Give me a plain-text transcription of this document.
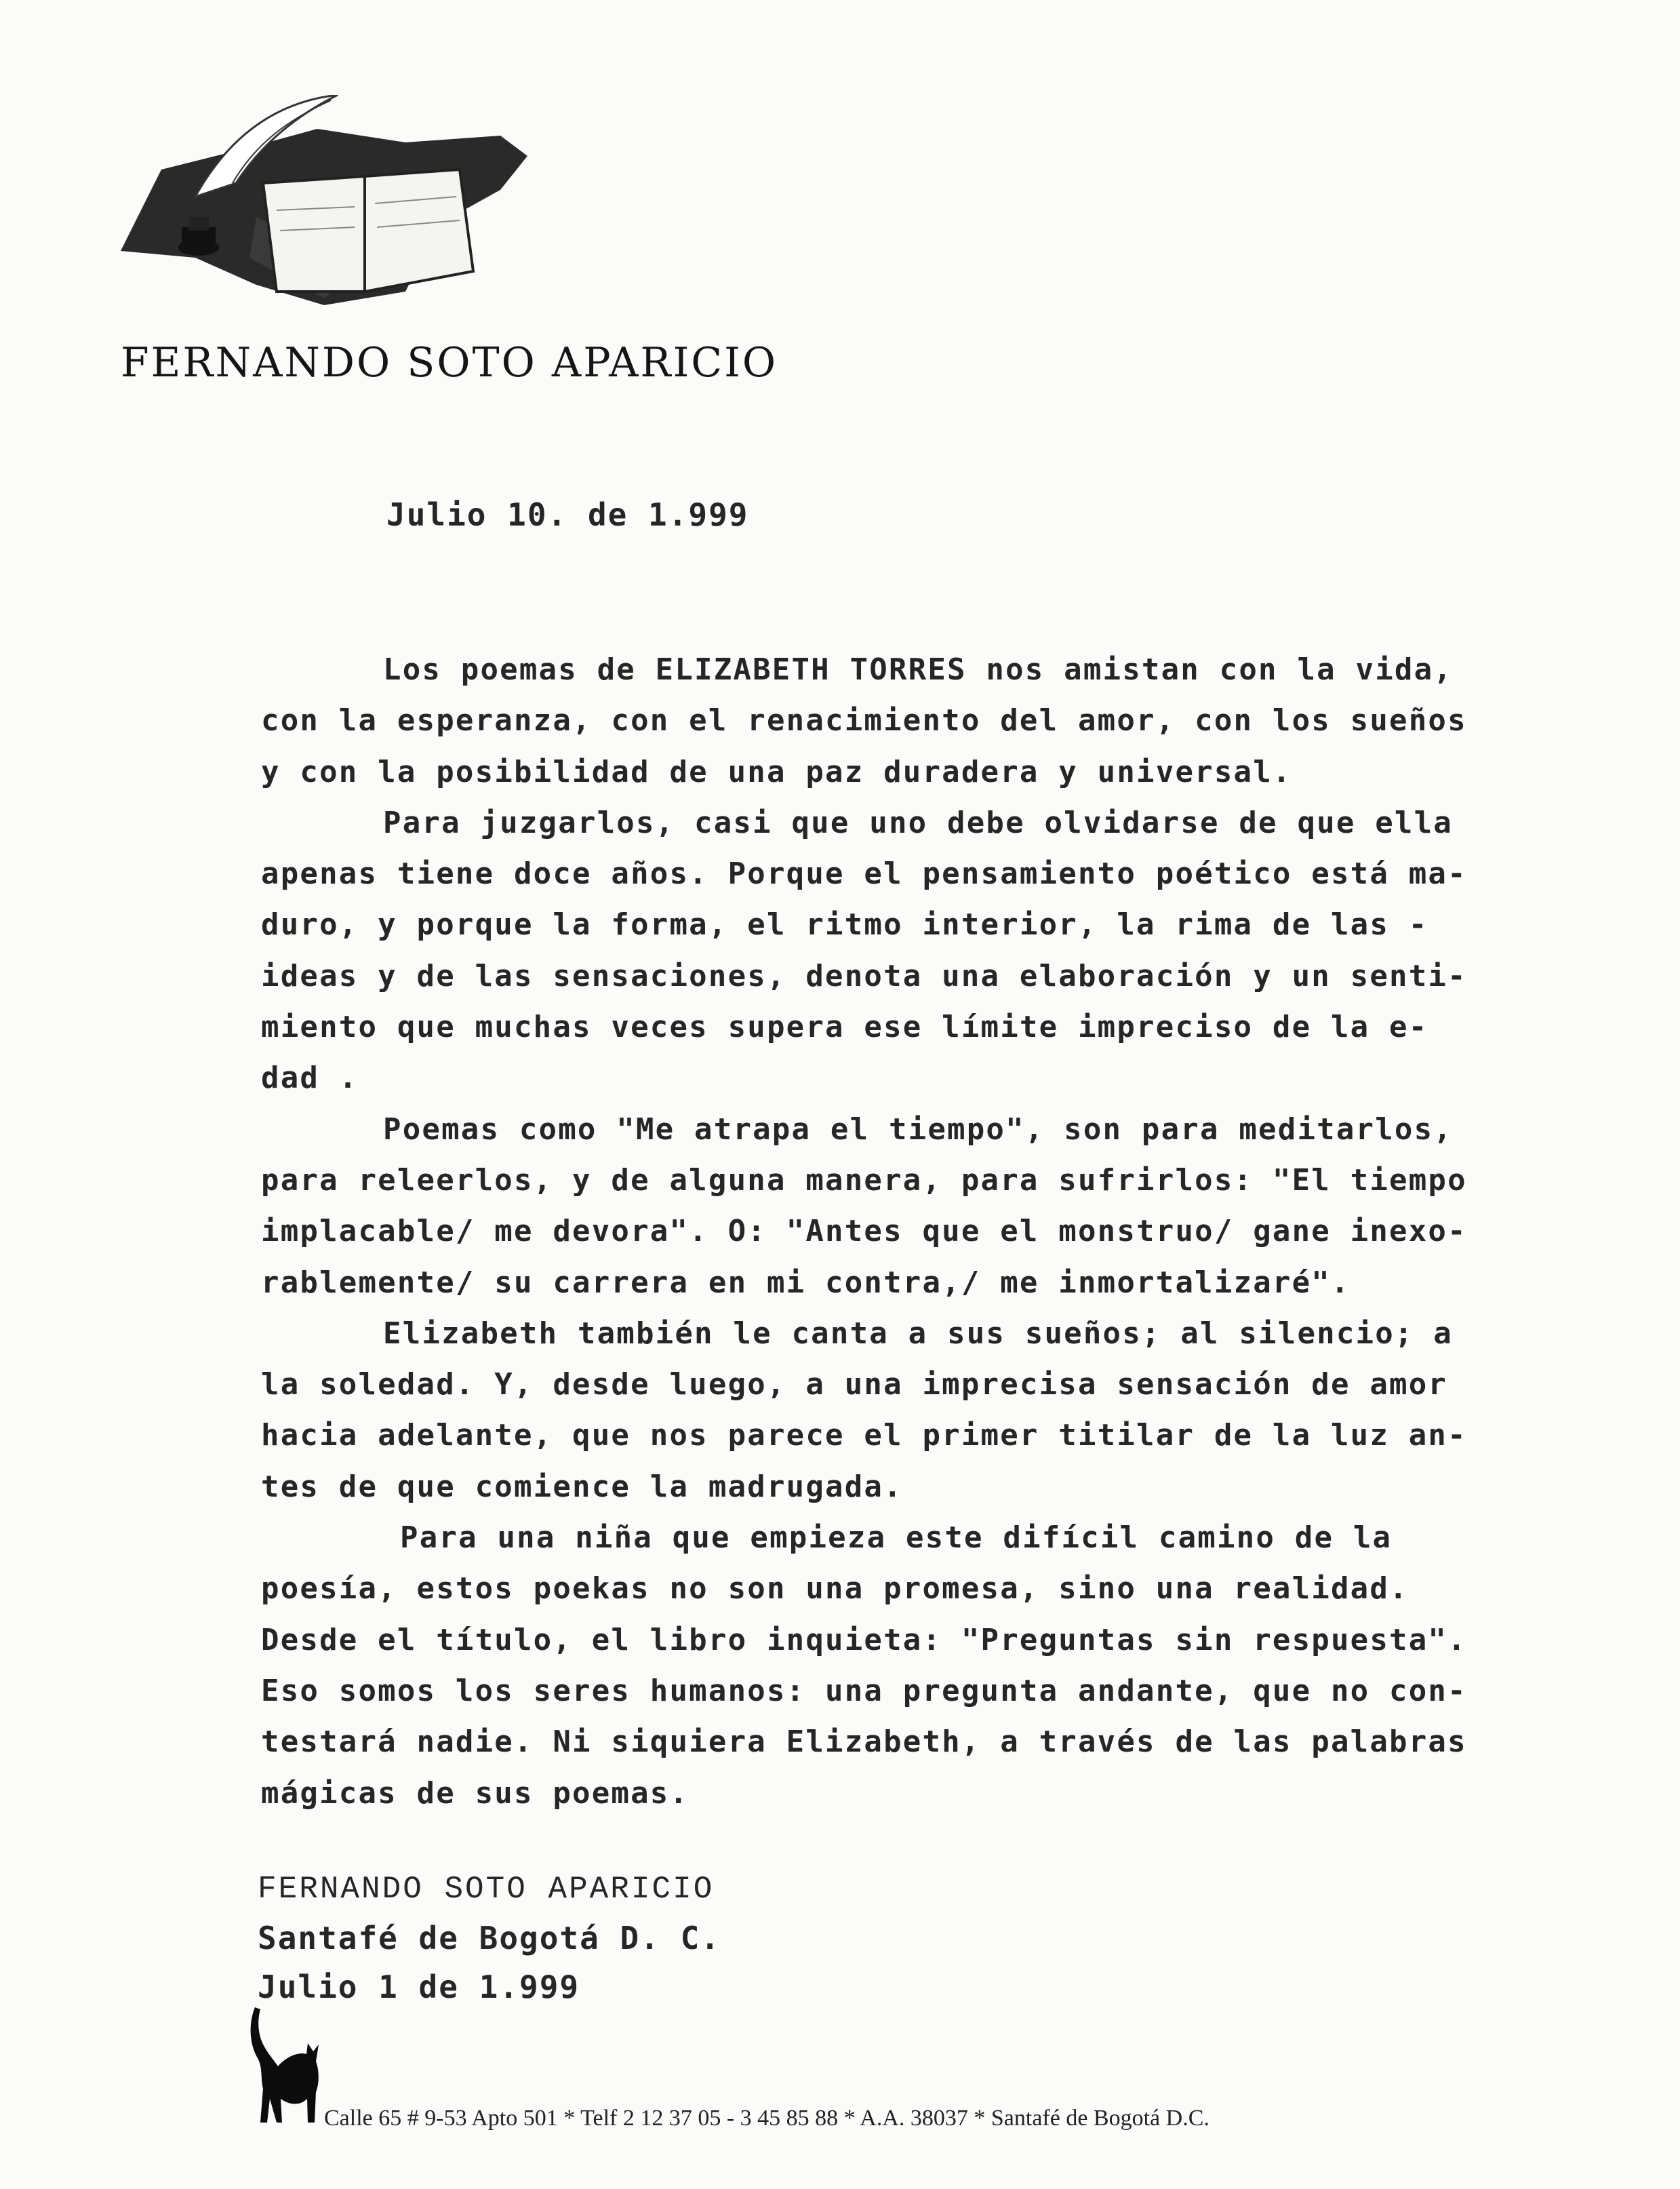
FERNANDO SOTO APARICIO
Julio 10. de 1.999
Los poemas de ELIZABETH TORRES nos amistan con la vida,
con la esperanza, con el renacimiento del amor, con los sueños
y con la posibilidad de una paz duradera y universal.
Para juzgarlos, casi que uno debe olvidarse de que ella
apenas tiene doce años. Porque el pensamiento poético está ma-
duro, y porque la forma, el ritmo interior, la rima de las -
ideas y de las sensaciones, denota una elaboración y un senti-
miento que muchas veces supera ese límite impreciso de la e-
dad .
Poemas como "Me atrapa el tiempo", son para meditarlos,
para releerlos, y de alguna manera, para sufrirlos: "El tiempo
implacable/ me devora". O: "Antes que el monstruo/ gane inexo-
rablemente/ su carrera en mi contra,/ me inmortalizaré".
Elizabeth también le canta a sus sueños; al silencio; a
la soledad. Y, desde luego, a una imprecisa sensación de amor
hacia adelante, que nos parece el primer titilar de la luz an-
tes de que comience la madrugada.
Para una niña que empieza este difícil camino de la
poesía, estos poekas no son una promesa, sino una realidad.
Desde el título, el libro inquieta: "Preguntas sin respuesta".
Eso somos los seres humanos: una pregunta andante, que no con-
testará nadie. Ni siquiera Elizabeth, a través de las palabras
mágicas de sus poemas.
FERNANDO SOTO APARICIO
Santafé de Bogotá D. C.
Julio 1 de 1.999
Calle 65 # 9-53 Apto 501 * Telf 2 12 37 05 - 3 45 85 88 * A.A. 38037 * Santafé de Bogotá D.C.
